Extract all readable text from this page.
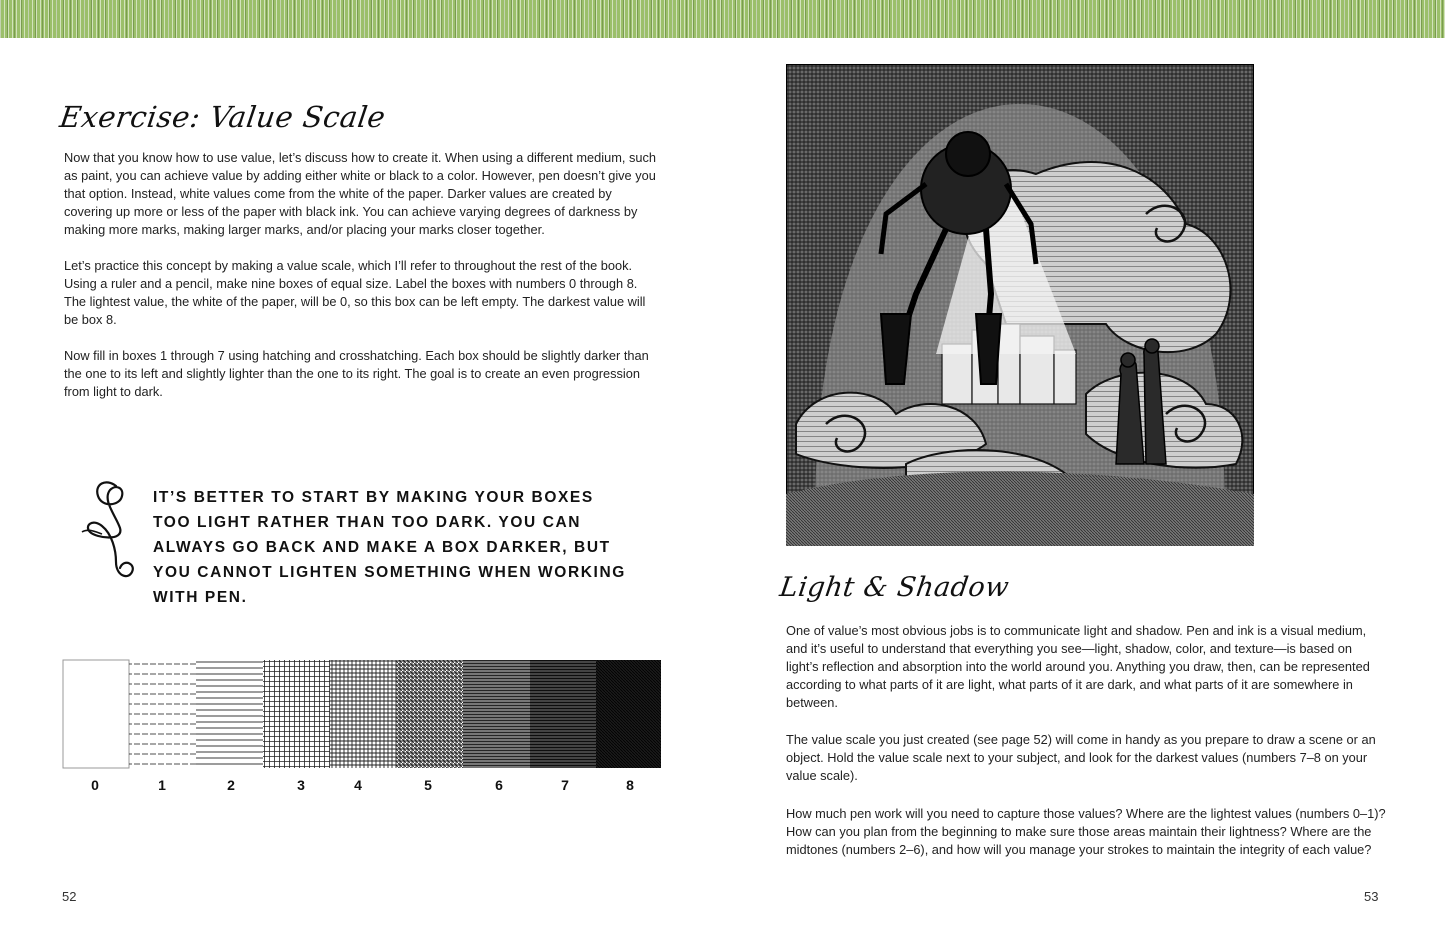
Exercise: Value Scale

Now that you know how to use value, let’s discuss how to create it. When using a different medium, such as paint, you can achieve value by adding either white or black to a color. However, pen doesn’t give you that option. Instead, white values come from the white of the paper. Darker values are created by covering up more or less of the paper with black ink. You can achieve varying degrees of darkness by making more marks, making larger marks, and/or placing your marks closer together.

Let’s practice this concept by making a value scale, which I’ll refer to throughout the rest of the book. Using a ruler and a pencil, make nine boxes of equal size. Label the boxes with numbers 0 through 8. The lightest value, the white of the paper, will be 0, so this box can be left empty. The darkest value will be box 8.

Now fill in boxes 1 through 7 using hatching and crosshatching. Each box should be slightly darker than the one to its left and slightly lighter than the one to its right. The goal is to create an even progression from light to dark.

IT’S BETTER TO START BY MAKING YOUR BOXES TOO LIGHT RATHER THAN TOO DARK. YOU CAN ALWAYS GO BACK AND MAKE A BOX DARKER, BUT YOU CANNOT LIGHTEN SOMETHING WHEN WORKING WITH PEN.

0	1	2	3	4	5	6	7	8
52
Light & Shadow

One of value’s most obvious jobs is to communicate light and shadow. Pen and ink is a visual medium, and it’s useful to understand that everything you see—light, shadow, color, and texture—is based on light’s reflection and absorption into the world around you. Anything you draw, then, can be represented according to what parts of it are light, what parts of it are dark, and what parts of it are somewhere in between.

The value scale you just created (see page 52) will come in handy as you prepare to draw a scene or an object. Hold the value scale next to your subject, and look for the darkest values (numbers 7–8 on your value scale).

How much pen work will you need to capture those values? Where are the lightest values (numbers 0–1)? How can you plan from the beginning to make sure those areas maintain their lightness? Where are the midtones (numbers 2–6), and how will you manage your strokes to maintain the integrity of each value?

53
